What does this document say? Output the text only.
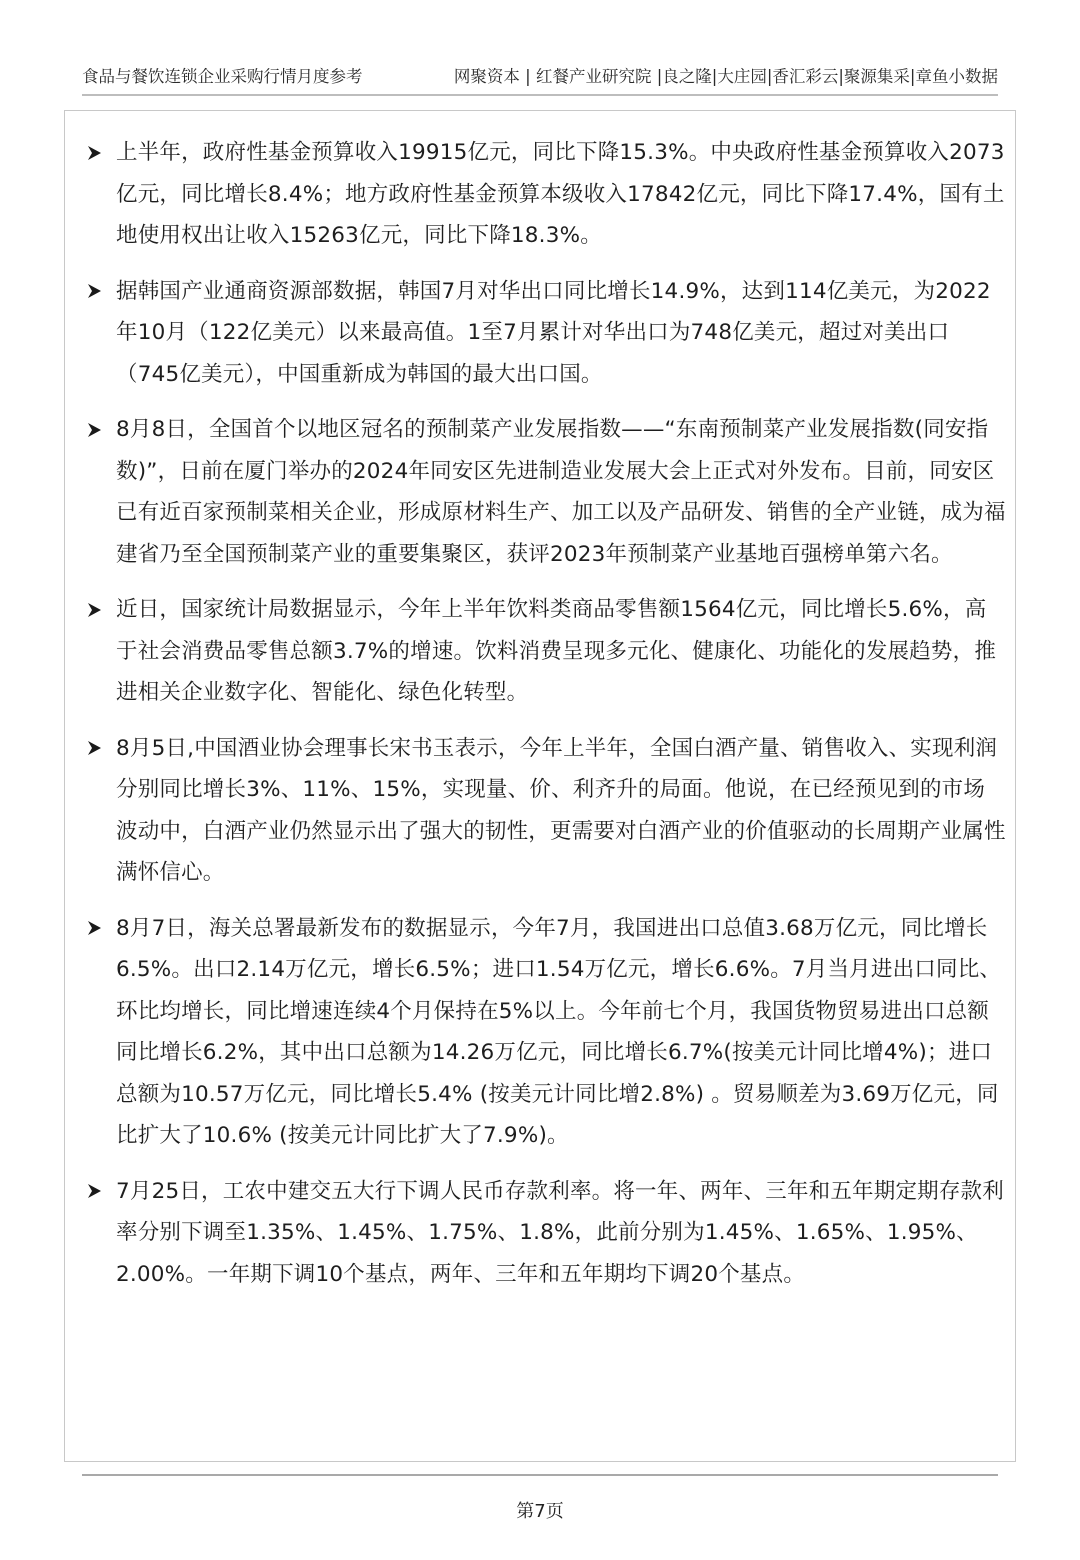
食品与餐饮连锁企业采购行情月度参考	网聚资本 | 红餐产业研究院 |良之隆|大庄园|香汇彩云|聚源集采|章鱼小数据
上半年，政府性基金预算收入19915亿元，同比下降15.3%。中央政府性基金预算收入2073亿元，同比增长8.4%；地方政府性基金预算本级收入17842亿元，同比下降17.4%，国有土地使用权出让收入15263亿元，同比下降18.3%。
据韩国产业通商资源部数据，韩国7月对华出口同比增长14.9%，达到114亿美元，为2022年10月（122亿美元）以来最高值。1至7月累计对华出口为748亿美元，超过对美出口（745亿美元），中国重新成为韩国的最大出口国。
8月8日，全国首个以地区冠名的预制菜产业发展指数——“东南预制菜产业发展指数(同安指数)”，日前在厦门举办的2024年同安区先进制造业发展大会上正式对外发布。目前，同安区已有近百家预制菜相关企业，形成原材料生产、加工以及产品研发、销售的全产业链，成为福建省乃至全国预制菜产业的重要集聚区，获评2023年预制菜产业基地百强榜单第六名。
近日，国家统计局数据显示，今年上半年饮料类商品零售额1564亿元，同比增长5.6%，高于社会消费品零售总额3.7%的增速。饮料消费呈现多元化、健康化、功能化的发展趋势，推进相关企业数字化、智能化、绿色化转型。
8月5日,中国酒业协会理事长宋书玉表示，今年上半年，全国白酒产量、销售收入、实现利润分别同比增长3%、11%、15%，实现量、价、利齐升的局面。他说，在已经预见到的市场波动中，白酒产业仍然显示出了强大的韧性，更需要对白酒产业的价值驱动的长周期产业属性满怀信心。
8月7日，海关总署最新发布的数据显示，今年7月，我国进出口总值3.68万亿元，同比增长6.5%。出口2.14万亿元，增长6.5%；进口1.54万亿元，增长6.6%。7月当月进出口同比、环比均增长，同比增速连续4个月保持在5%以上。今年前七个月，我国货物贸易进出口总额同比增长6.2%，其中出口总额为14.26万亿元，同比增长6.7%(按美元计同比增4%)；进口总额为10.57万亿元，同比增长5.4% (按美元计同比增2.8%) 。贸易顺差为3.69万亿元，同比扩大了10.6% (按美元计同比扩大了7.9%)。
7月25日，工农中建交五大行下调人民币存款利率。将一年、两年、三年和五年期定期存款利率分别下调至1.35%、1.45%、1.75%、1.8%，此前分别为1.45%、1.65%、1.95%、2.00%。一年期下调10个基点，两年、三年和五年期均下调20个基点。
第7页
